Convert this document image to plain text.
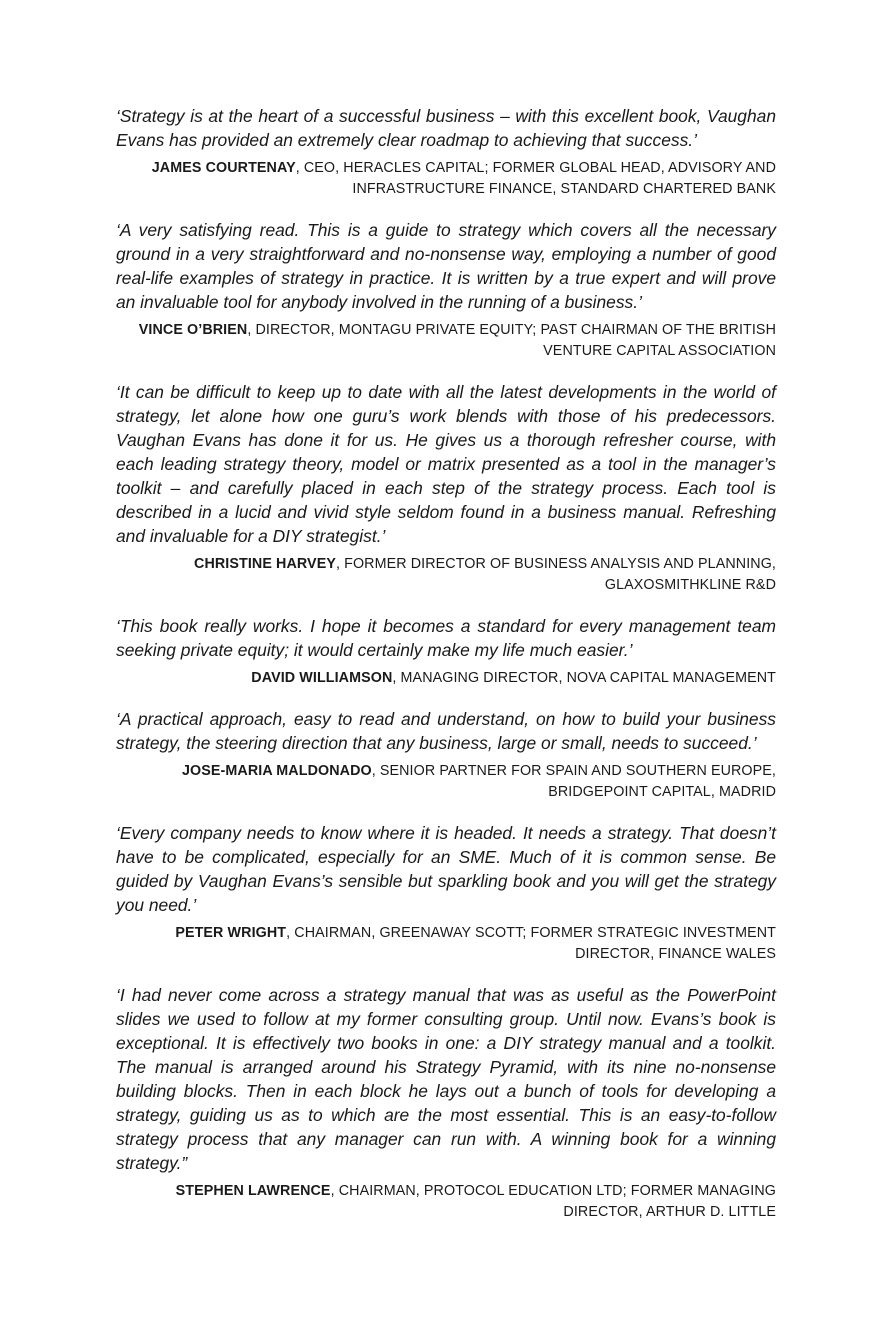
‘Strategy is at the heart of a successful business – with this excellent book, Vaughan Evans has provided an extremely clear roadmap to achieving that success.’

JAMES COURTENAY, CEO, HERACLES CAPITAL; FORMER GLOBAL HEAD, ADVISORY AND INFRASTRUCTURE FINANCE, STANDARD CHARTERED BANK

‘A very satisfying read. This is a guide to strategy which covers all the necessary ground in a very straightforward and no-nonsense way, employing a number of good real-life examples of strategy in practice. It is written by a true expert and will prove an invaluable tool for anybody involved in the running of a business.’

VINCE O’BRIEN, DIRECTOR, MONTAGU PRIVATE EQUITY; PAST CHAIRMAN OF THE BRITISH VENTURE CAPITAL ASSOCIATION

‘It can be difficult to keep up to date with all the latest developments in the world of strategy, let alone how one guru’s work blends with those of his predecessors. Vaughan Evans has done it for us. He gives us a thorough refresher course, with each leading strategy theory, model or matrix presented as a tool in the manager’s toolkit – and carefully placed in each step of the strategy process. Each tool is described in a lucid and vivid style seldom found in a business manual. Refreshing and invaluable for a DIY strategist.’

CHRISTINE HARVEY, FORMER DIRECTOR OF BUSINESS ANALYSIS AND PLANNING, GLAXOSMITHKLINE R&D

‘This book really works. I hope it becomes a standard for every management team seeking private equity; it would certainly make my life much easier.’

DAVID WILLIAMSON, MANAGING DIRECTOR, NOVA CAPITAL MANAGEMENT

‘A practical approach, easy to read and understand, on how to build your business strategy, the steering direction that any business, large or small, needs to succeed.’

JOSE-MARIA MALDONADO, SENIOR PARTNER FOR SPAIN AND SOUTHERN EUROPE, BRIDGEPOINT CAPITAL, MADRID

‘Every company needs to know where it is headed. It needs a strategy. That doesn’t have to be complicated, especially for an SME. Much of it is common sense. Be guided by Vaughan Evans’s sensible but sparkling book and you will get the strategy you need.’

PETER WRIGHT, CHAIRMAN, GREENAWAY SCOTT; FORMER STRATEGIC INVESTMENT DIRECTOR, FINANCE WALES

‘I had never come across a strategy manual that was as useful as the PowerPoint slides we used to follow at my former consulting group. Until now. Evans’s book is exceptional. It is effectively two books in one: a DIY strategy manual and a toolkit. The manual is arranged around his Strategy Pyramid, with its nine no-nonsense building blocks. Then in each block he lays out a bunch of tools for developing a strategy, guiding us as to which are the most essential. This is an easy-to-follow strategy process that any manager can run with. A winning book for a winning strategy.”

STEPHEN LAWRENCE, CHAIRMAN, PROTOCOL EDUCATION LTD; FORMER MANAGING DIRECTOR, ARTHUR D. LITTLE
